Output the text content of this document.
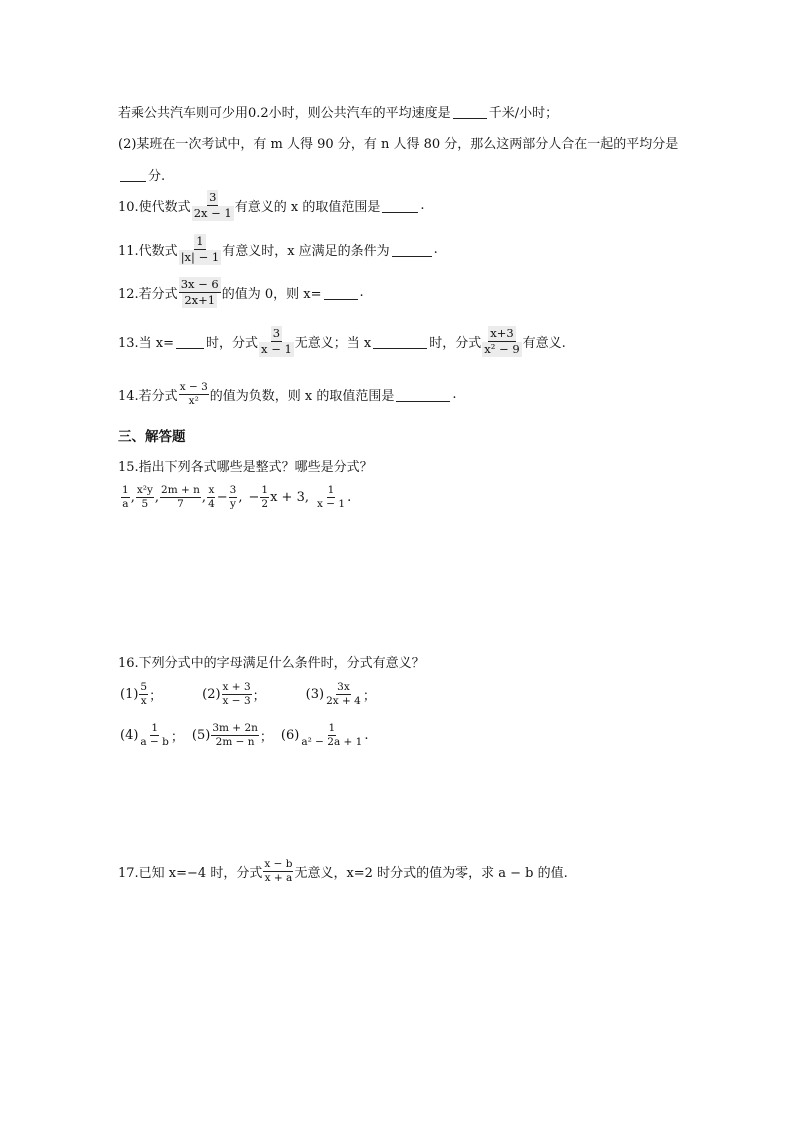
若乘公共汽车则可少用0.2小时，则公共汽车的平均速度是	千米/小时；
(2)某班在一次考试中，有 m 人得 90 分，有 n 人得 80 分，那么这两部分人合在一起的平均分是
分.
10.使代数式
3
2x − 1 有意义的 x 的取值范围是	.
11.代数式
1
|x| − 1 有意义时，x 应满足的条件为	.
12.若分式
3x − 6
2x+1 的值为 0，则 x=	.
13.当 x= 时，分式
3
x − 1 无意义；当 x	时，分式
x+3
x² − 9 有意义.
14.若分式
x − 3
x² 的值为负数，则 x 的取值范围是	.
三、解答题
15.指出下列各式哪些是整式？哪些是分式？
1
a , x²y
5 , 2m + n
7 , x
$4 - \frac{3}{y}$ , − $\frac{1}{2}$ x + 3 , 1
x − 1 .
16.下列分式中的字母满足什么条件时，分式有意义？
(1) 5
x ；	(2) x + 3
x − 3 ；	(3) 3x
2x + 4 ；
(4) 1
a − b ； (5) 3m + 2n
2m − n ； (6)	1
a² − 2a + 1 .
17.已知 x=−4 时，分式
x − b
x + a 无意义，x=2 时分式的值为零，求 a − b 的值.
